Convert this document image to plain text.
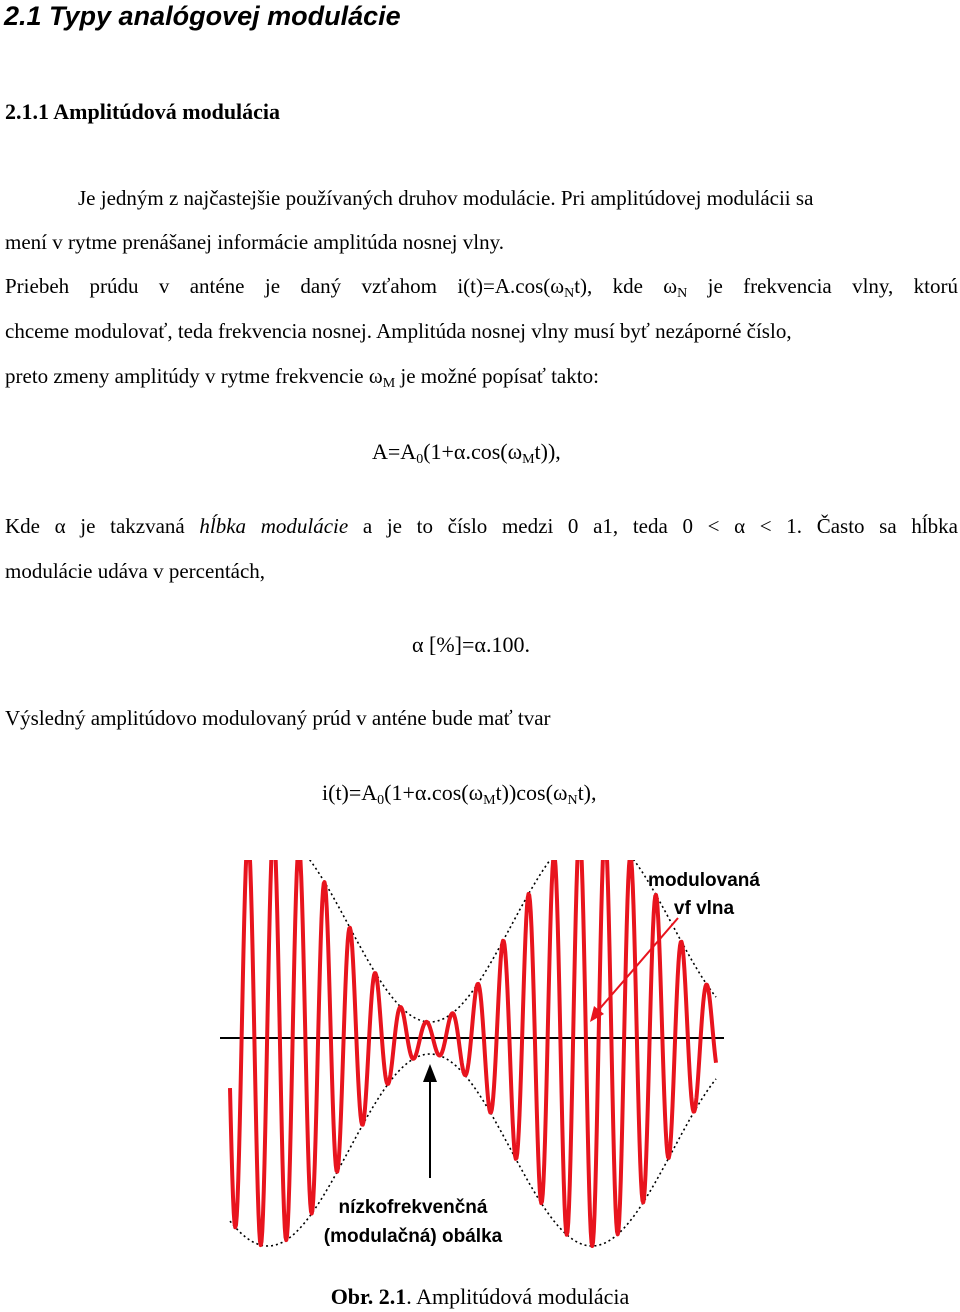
2.1 Typy analógovej modulácie
2.1.1 Amplitúdová modulácia
Je jedným z najčastejšie používaných druhov modulácie. Pri amplitúdovej modulácii sa
mení v rytme prenášanej informácie amplitúda nosnej vlny.
Priebeh prúdu v anténe je daný vzťahom $i(t)=A.\cos(\omega_Nt)$, kde $\omega_N$ je frekvencia vlny, ktorú
chceme modulovať, teda frekvencia nosnej. Amplitúda nosnej vlny musí byť nezáporné číslo,
preto zmeny amplitúdy v rytme frekvencie $\omega_M$ je možné popísať takto:
$A=A_0(1+\alpha.\cos(\omega_Mt))$,
Kde α je takzvaná hĺbka modulácie a je to číslo medzi 0 a1, teda 0 < α < 1. Často sa hĺbka
modulácie udáva v percentách,
α [%]=α.100.
Výsledný amplitúdovo modulovaný prúd v anténe bude mať tvar
$i(t)=A_0(1+\alpha.\cos(\omega_Mt))\cos(\omega_Nt)$,
modulovaná
vf vlna
nízkofrekvenčná
(modulačná) obálka
Obr. 2.1. Amplitúdová modulácia
